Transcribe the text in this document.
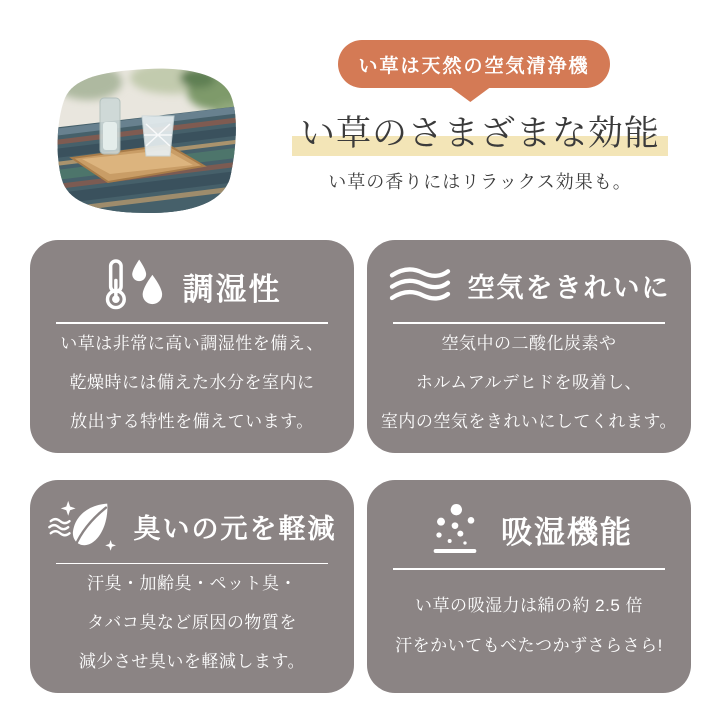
い草は天然の空気清浄機
い草のさまざまな効能

い草の香りにはリラックス効果も。

調湿性

い草は非常に高い調湿性を備え、

乾燥時には備えた水分を室内に

放出する特性を備えています。

空気をきれいに

空気中の二酸化炭素や

ホルムアルデヒドを吸着し、

室内の空気をきれいにしてくれます。

臭いの元を軽減

汗臭・加齢臭・ペット臭・

タバコ臭など原因の物質を

減少させ臭いを軽減します。

吸湿機能

い草の吸湿力は綿の約 2.5 倍

汗をかいてもべたつかずさらさら!
